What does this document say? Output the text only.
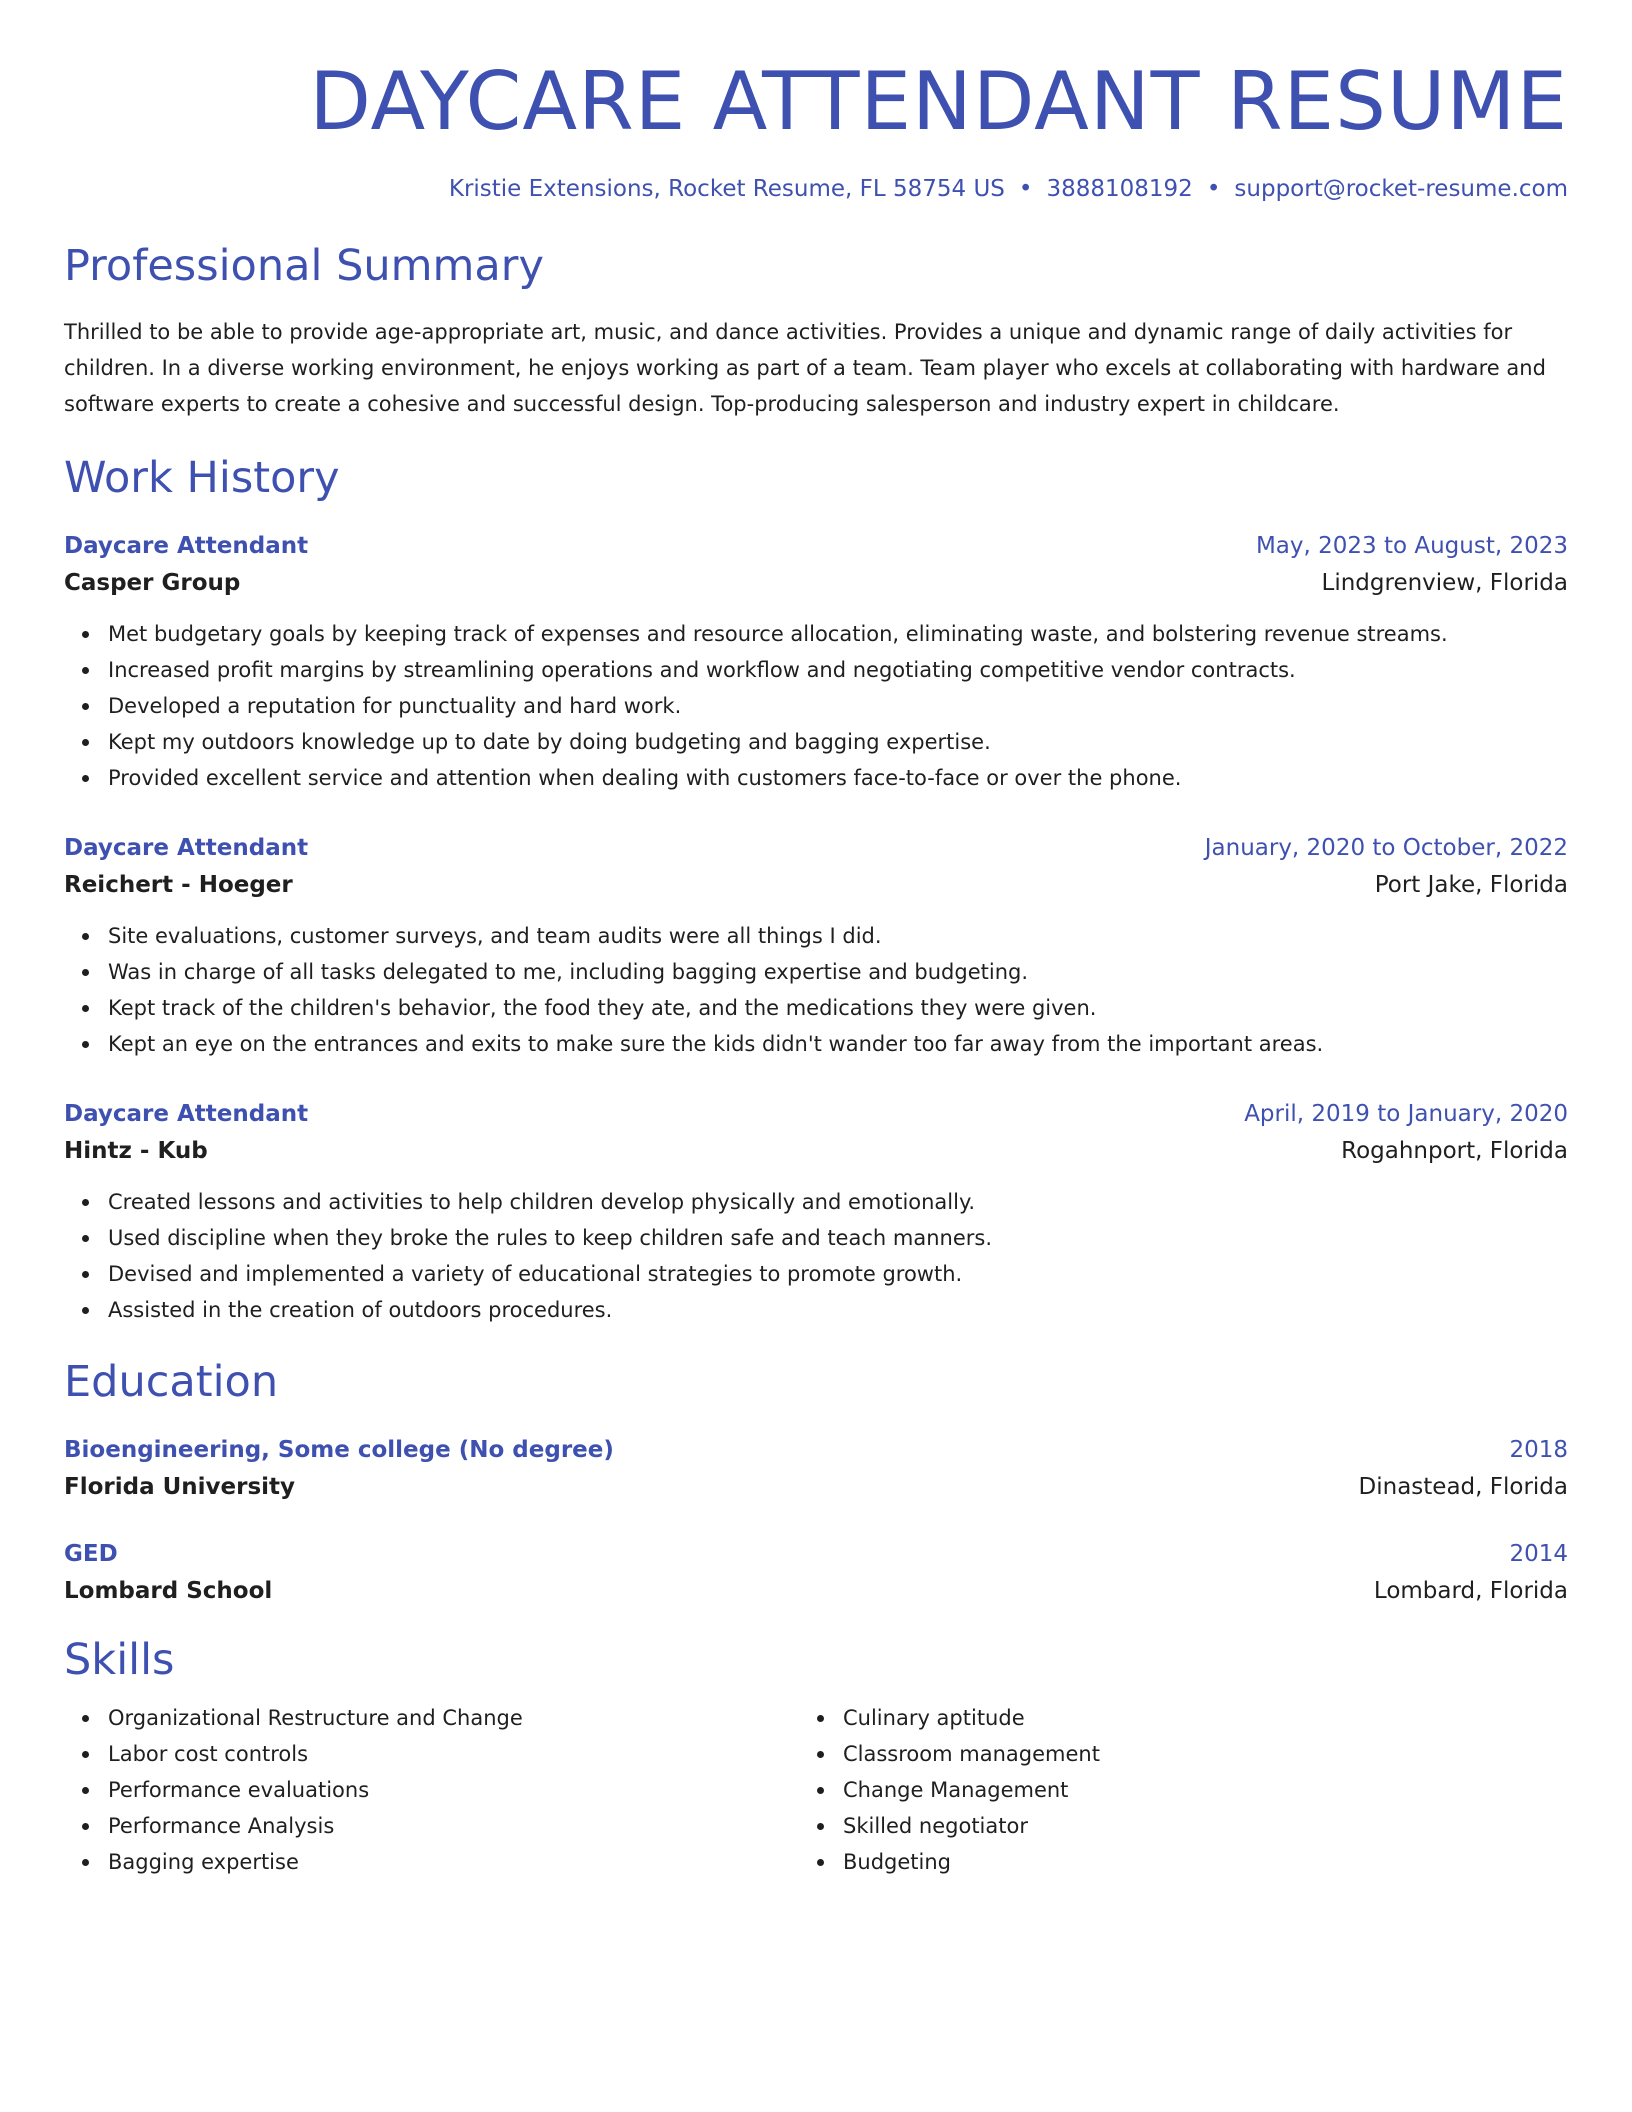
DAYCARE ATTENDANT RESUME
Kristie Extensions, Rocket Resume, FL 58754 US • 3888108192 • support@rocket-resume.com
Professional Summary

Thrilled to be able to provide age-appropriate art, music, and dance activities. Provides a unique and dynamic range of daily activities for children. In a diverse working environment, he enjoys working as part of a team. Team player who excels at collaborating with hardware and software experts to create a cohesive and successful design. Top-producing salesperson and industry expert in childcare.

Work History
Daycare Attendant	May, 2023 to August, 2023
Casper Group	Lindgrenview, Florida
Met budgetary goals by keeping track of expenses and resource allocation, eliminating waste, and bolstering revenue streams.
Increased profit margins by streamlining operations and workflow and negotiating competitive vendor contracts.
Developed a reputation for punctuality and hard work.
Kept my outdoors knowledge up to date by doing budgeting and bagging expertise.
Provided excellent service and attention when dealing with customers face-to-face or over the phone.
Daycare Attendant	January, 2020 to October, 2022
Reichert - Hoeger	Port Jake, Florida
Site evaluations, customer surveys, and team audits were all things I did.
Was in charge of all tasks delegated to me, including bagging expertise and budgeting.
Kept track of the children's behavior, the food they ate, and the medications they were given.
Kept an eye on the entrances and exits to make sure the kids didn't wander too far away from the important areas.
Daycare Attendant	April, 2019 to January, 2020
Hintz - Kub	Rogahnport, Florida
Created lessons and activities to help children develop physically and emotionally.
Used discipline when they broke the rules to keep children safe and teach manners.
Devised and implemented a variety of educational strategies to promote growth.
Assisted in the creation of outdoors procedures.
Education
Bioengineering, Some college (No degree)	2018
Florida University	Dinastead, Florida
GED	2014
Lombard School	Lombard, Florida
Skills
Organizational Restructure and Change
Labor cost controls
Performance evaluations
Performance Analysis
Bagging expertise
Culinary aptitude
Classroom management
Change Management
Skilled negotiator
Budgeting
